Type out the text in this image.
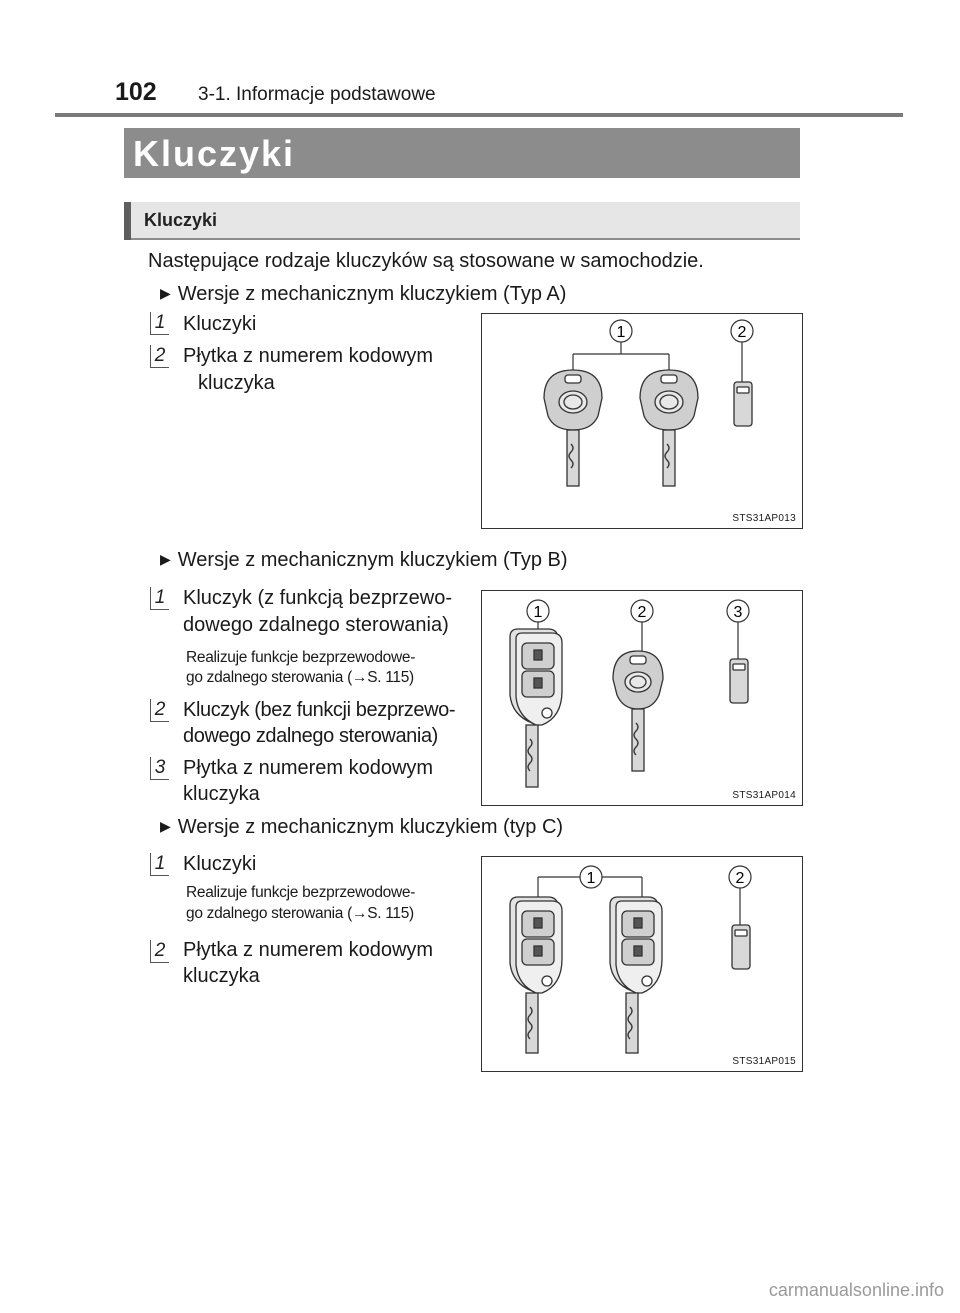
102 3-1. Informacje podstawowe
Kluczyki
Kluczyki
Następujące rodzaje kluczyków są stosowane w samochodzie.
▶ Wersje z mechanicznym kluczykiem (Typ A)
1 Kluczyki
2 Płytka z numerem kodowym
kluczyka
1	2
STS31AP013
▶ Wersje z mechanicznym kluczykiem (Typ B)
1 Kluczyk (z funkcją bezprzewo-
dowego zdalnego sterowania)
Realizuje funkcje bezprzewodowe-
go zdalnego sterowania (→S. 115)
2 Kluczyk (bez funkcji bezprzewo-
dowego zdalnego sterowania)
3 Płytka z numerem kodowym
kluczyka
1	2	3
STS31AP014
▶ Wersje z mechanicznym kluczykiem (typ C)
1 Kluczyki
Realizuje funkcje bezprzewodowe-
go zdalnego sterowania (→S. 115)
2 Płytka z numerem kodowym
kluczyka
1	2
STS31AP015
carmanualsonline.info
